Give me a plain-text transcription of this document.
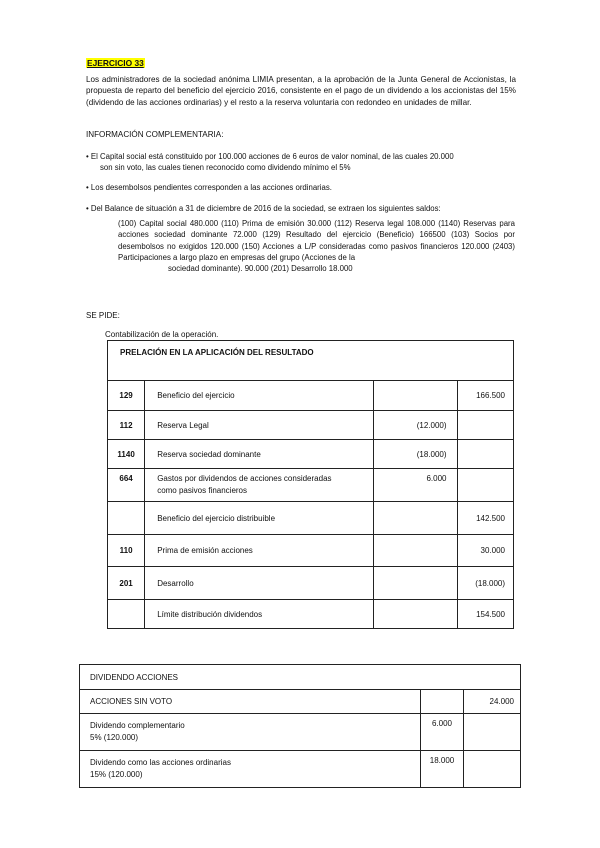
EJERCICIO 33
Los administradores de la sociedad anónima LIMIA presentan, a la aprobación de la Junta General de Accionistas, la propuesta de reparto del beneficio del ejercicio 2016, consistente en el pago de un dividendo a los accionistas del 15% (dividendo de las acciones ordinarias) y el resto a la reserva voluntaria con redondeo en unidades de millar.
INFORMACIÓN COMPLEMENTARIA:
• El Capital social está constituido por 100.000 acciones de 6 euros de valor nominal, de las cuales 20.000
son sin voto, las cuales tienen reconocido como dividendo mínimo el 5%
• Los desembolsos pendientes corresponden a las acciones ordinarias.
• Del Balance de situación a 31 de diciembre de 2016 de la sociedad, se extraen los siguientes saldos:
(100) Capital social 480.000 (110) Prima de emisión 30.000 (112) Reserva legal 108.000 (1140) Reservas para acciones sociedad dominante 72.000 (129) Resultado del ejercicio (Beneficio) 166500 (103) Socios por desembolsos no exigidos 120.000 (150) Acciones a L/P consideradas como pasivos financieros 120.000 (2403) Participaciones a largo plazo en empresas del grupo (Acciones de la
sociedad dominante). 90.000 (201) Desarrollo 18.000
SE PIDE:
Contabilización de la operación.
PRELACIÓN EN LA APLICACIÓN DEL RESULTADO			
129	Beneficio del ejercicio		166.500
112	Reserva Legal	(12.000)	
1140	Reserva sociedad dominante	(18.000)	
664	Gastos por dividendos de acciones consideradas como pasivos financieros	6.000	
	Beneficio del ejercicio distribuible		142.500
110	Prima de emisión acciones		30.000
201	Desarrollo		(18.000)
	Límite distribución dividendos		154.500
DIVIDENDO ACCIONES		
ACCIONES SIN VOTO		24.000

Dividendo complementario
5% (120.000)	6.000	

Dividendo como las acciones ordinarias
15% (120.000)	18.000	
